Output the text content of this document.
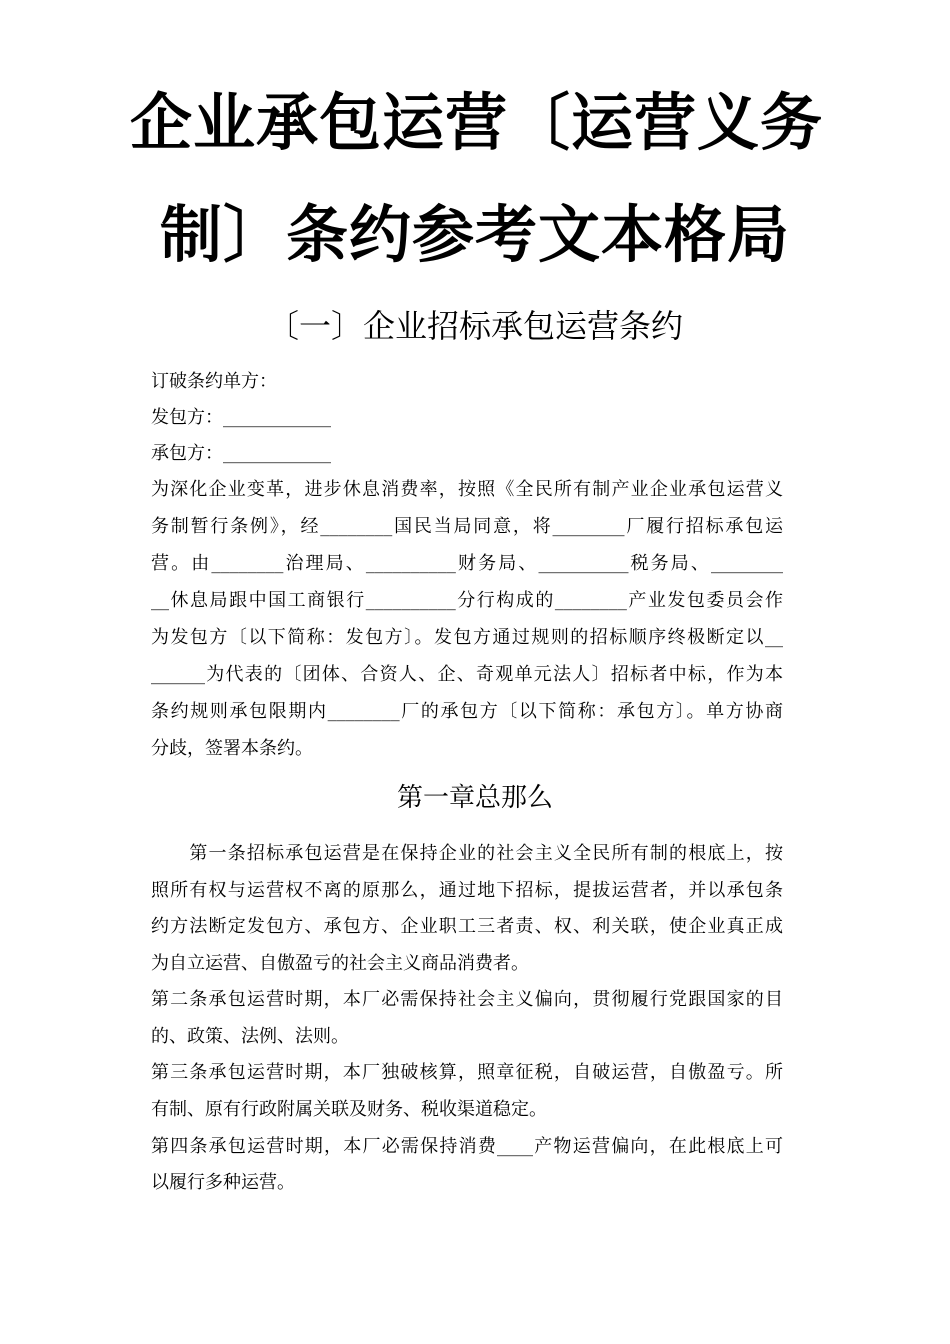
企业承包运营〔运营义务
制〕条约参考文本格局
〔一〕企业招标承包运营条约
订破条约单方：
发包方：____________
承包方：____________
为深化企业变革，进步休息消费率，按照《全民所有制产业企业承包运营义
务制暂行条例》，经________国民当局同意，将________厂履行招标承包运
营。由________治理局、__________财务局、__________税务局、________
__休息局跟中国工商银行__________分行构成的________产业发包委员会作
为发包方〔以下简称：发包方〕。发包方通过规则的招标顺序终极断定以__
______为代表的〔团体、合资人、企、奇观单元法人〕招标者中标，作为本
条约规则承包限期内________厂的承包方〔以下简称：承包方〕。单方协商
分歧，签署本条约。
第一章总那么
　　第一条招标承包运营是在保持企业的社会主义全民所有制的根底上，按
照所有权与运营权不离的原那么，通过地下招标，提拔运营者，并以承包条
约方法断定发包方、承包方、企业职工三者责、权、利关联，使企业真正成
为自立运营、自傲盈亏的社会主义商品消费者。
第二条承包运营时期，本厂必需保持社会主义偏向，贯彻履行党跟国家的目
的、政策、法例、法则。
第三条承包运营时期，本厂独破核算，照章征税，自破运营，自傲盈亏。所
有制、原有行政附属关联及财务、税收渠道稳定。
第四条承包运营时期，本厂必需保持消费____产物运营偏向，在此根底上可
以履行多种运营。
